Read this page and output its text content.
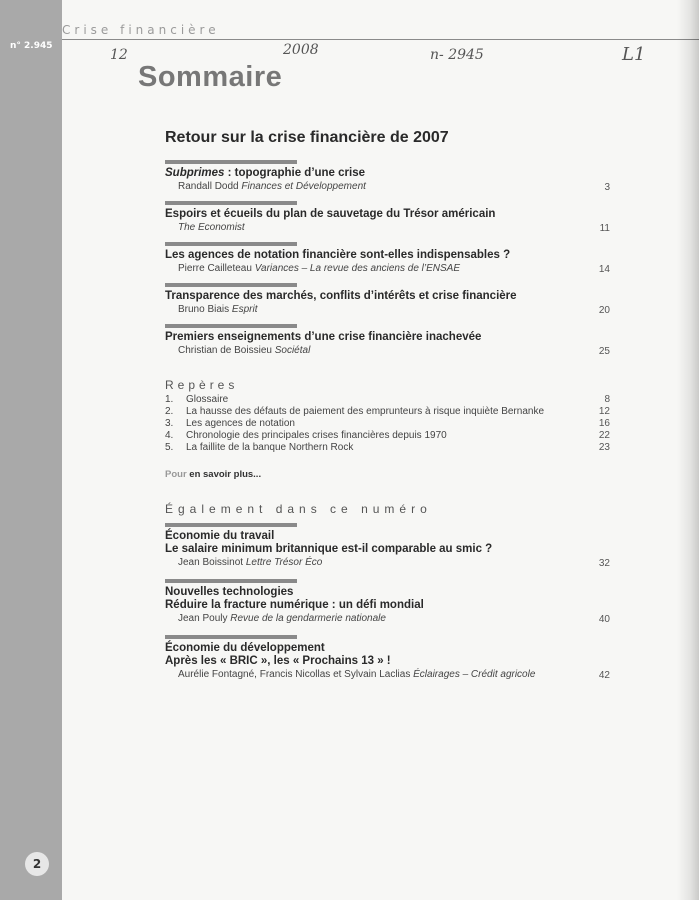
n° 2.945
2
Crise financière
12	2008	n- 2945	L1
Sommaire
Retour sur la crise financière de 2007
Subprimes : topographie d’une crise
Randall Dodd Finances et Développement	3
Espoirs et écueils du plan de sauvetage du Trésor américain
The Economist	11
Les agences de notation financière sont-elles indispensables ?
Pierre Cailleteau Variances – La revue des anciens de l’ENSAE	14
Transparence des marchés, conflits d’intérêts et crise financière
Bruno Biais Esprit	20
Premiers enseignements d’une crise financière inachevée
Christian de Boissieu Sociétal	25
Repères
1. Glossaire	8
2. La hausse des défauts de paiement des emprunteurs à risque inquiète Bernanke	12
3. Les agences de notation	16
4. Chronologie des principales crises financières depuis 1970	22
5. La faillite de la banque Northern Rock	23
Pour en savoir plus...
Également dans ce numéro
Économie du travail
Le salaire minimum britannique est-il comparable au smic ?
Jean Boissinot Lettre Trésor Éco	32
Nouvelles technologies
Réduire la fracture numérique : un défi mondial
Jean Pouly Revue de la gendarmerie nationale	40
Économie du développement
Après les « BRIC », les « Prochains 13 » !
Aurélie Fontagné, Francis Nicollas et Sylvain Laclias Éclairages – Crédit agricole	42
